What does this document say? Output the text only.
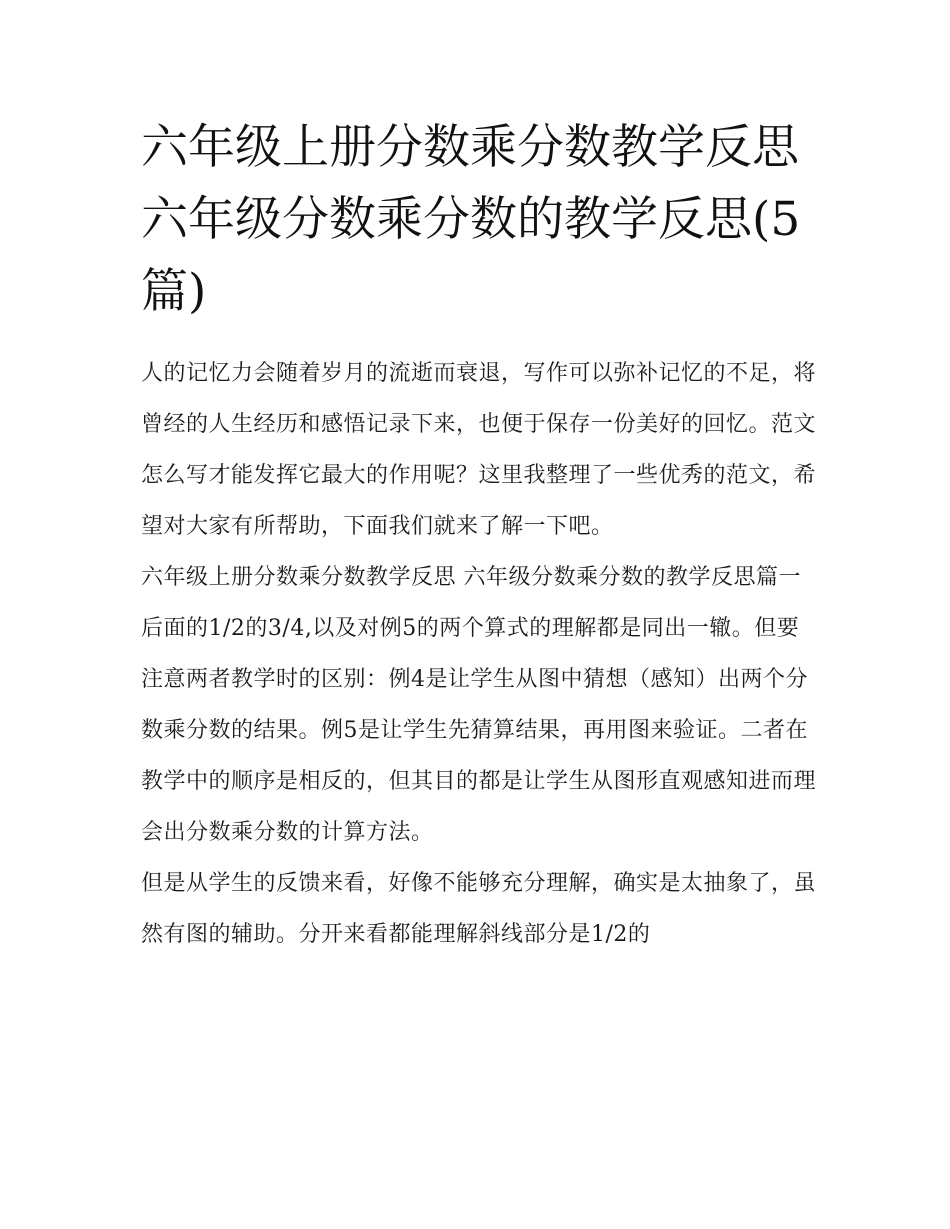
六年级上册分数乘分数教学反思 六年级分数乘分数的教学反思(5篇)

人的记忆力会随着岁月的流逝而衰退，写作可以弥补记忆的不足，将曾经的人生经历和感悟记录下来，也便于保存一份美好的回忆。范文怎么写才能发挥它最大的作用呢？这里我整理了一些优秀的范文，希望对大家有所帮助，下面我们就来了解一下吧。

六年级上册分数乘分数教学反思 六年级分数乘分数的教学反思篇一

后面的1/2的3/4,以及对例5的两个算式的理解都是同出一辙。但要注意两者教学时的区别：例4是让学生从图中猜想（感知）出两个分数乘分数的结果。例5是让学生先猜算结果，再用图来验证。二者在教学中的顺序是相反的，但其目的都是让学生从图形直观感知进而理会出分数乘分数的计算方法。

但是从学生的反馈来看，好像不能够充分理解，确实是太抽象了，虽然有图的辅助。分开来看都能理解斜线部分是1/2的
